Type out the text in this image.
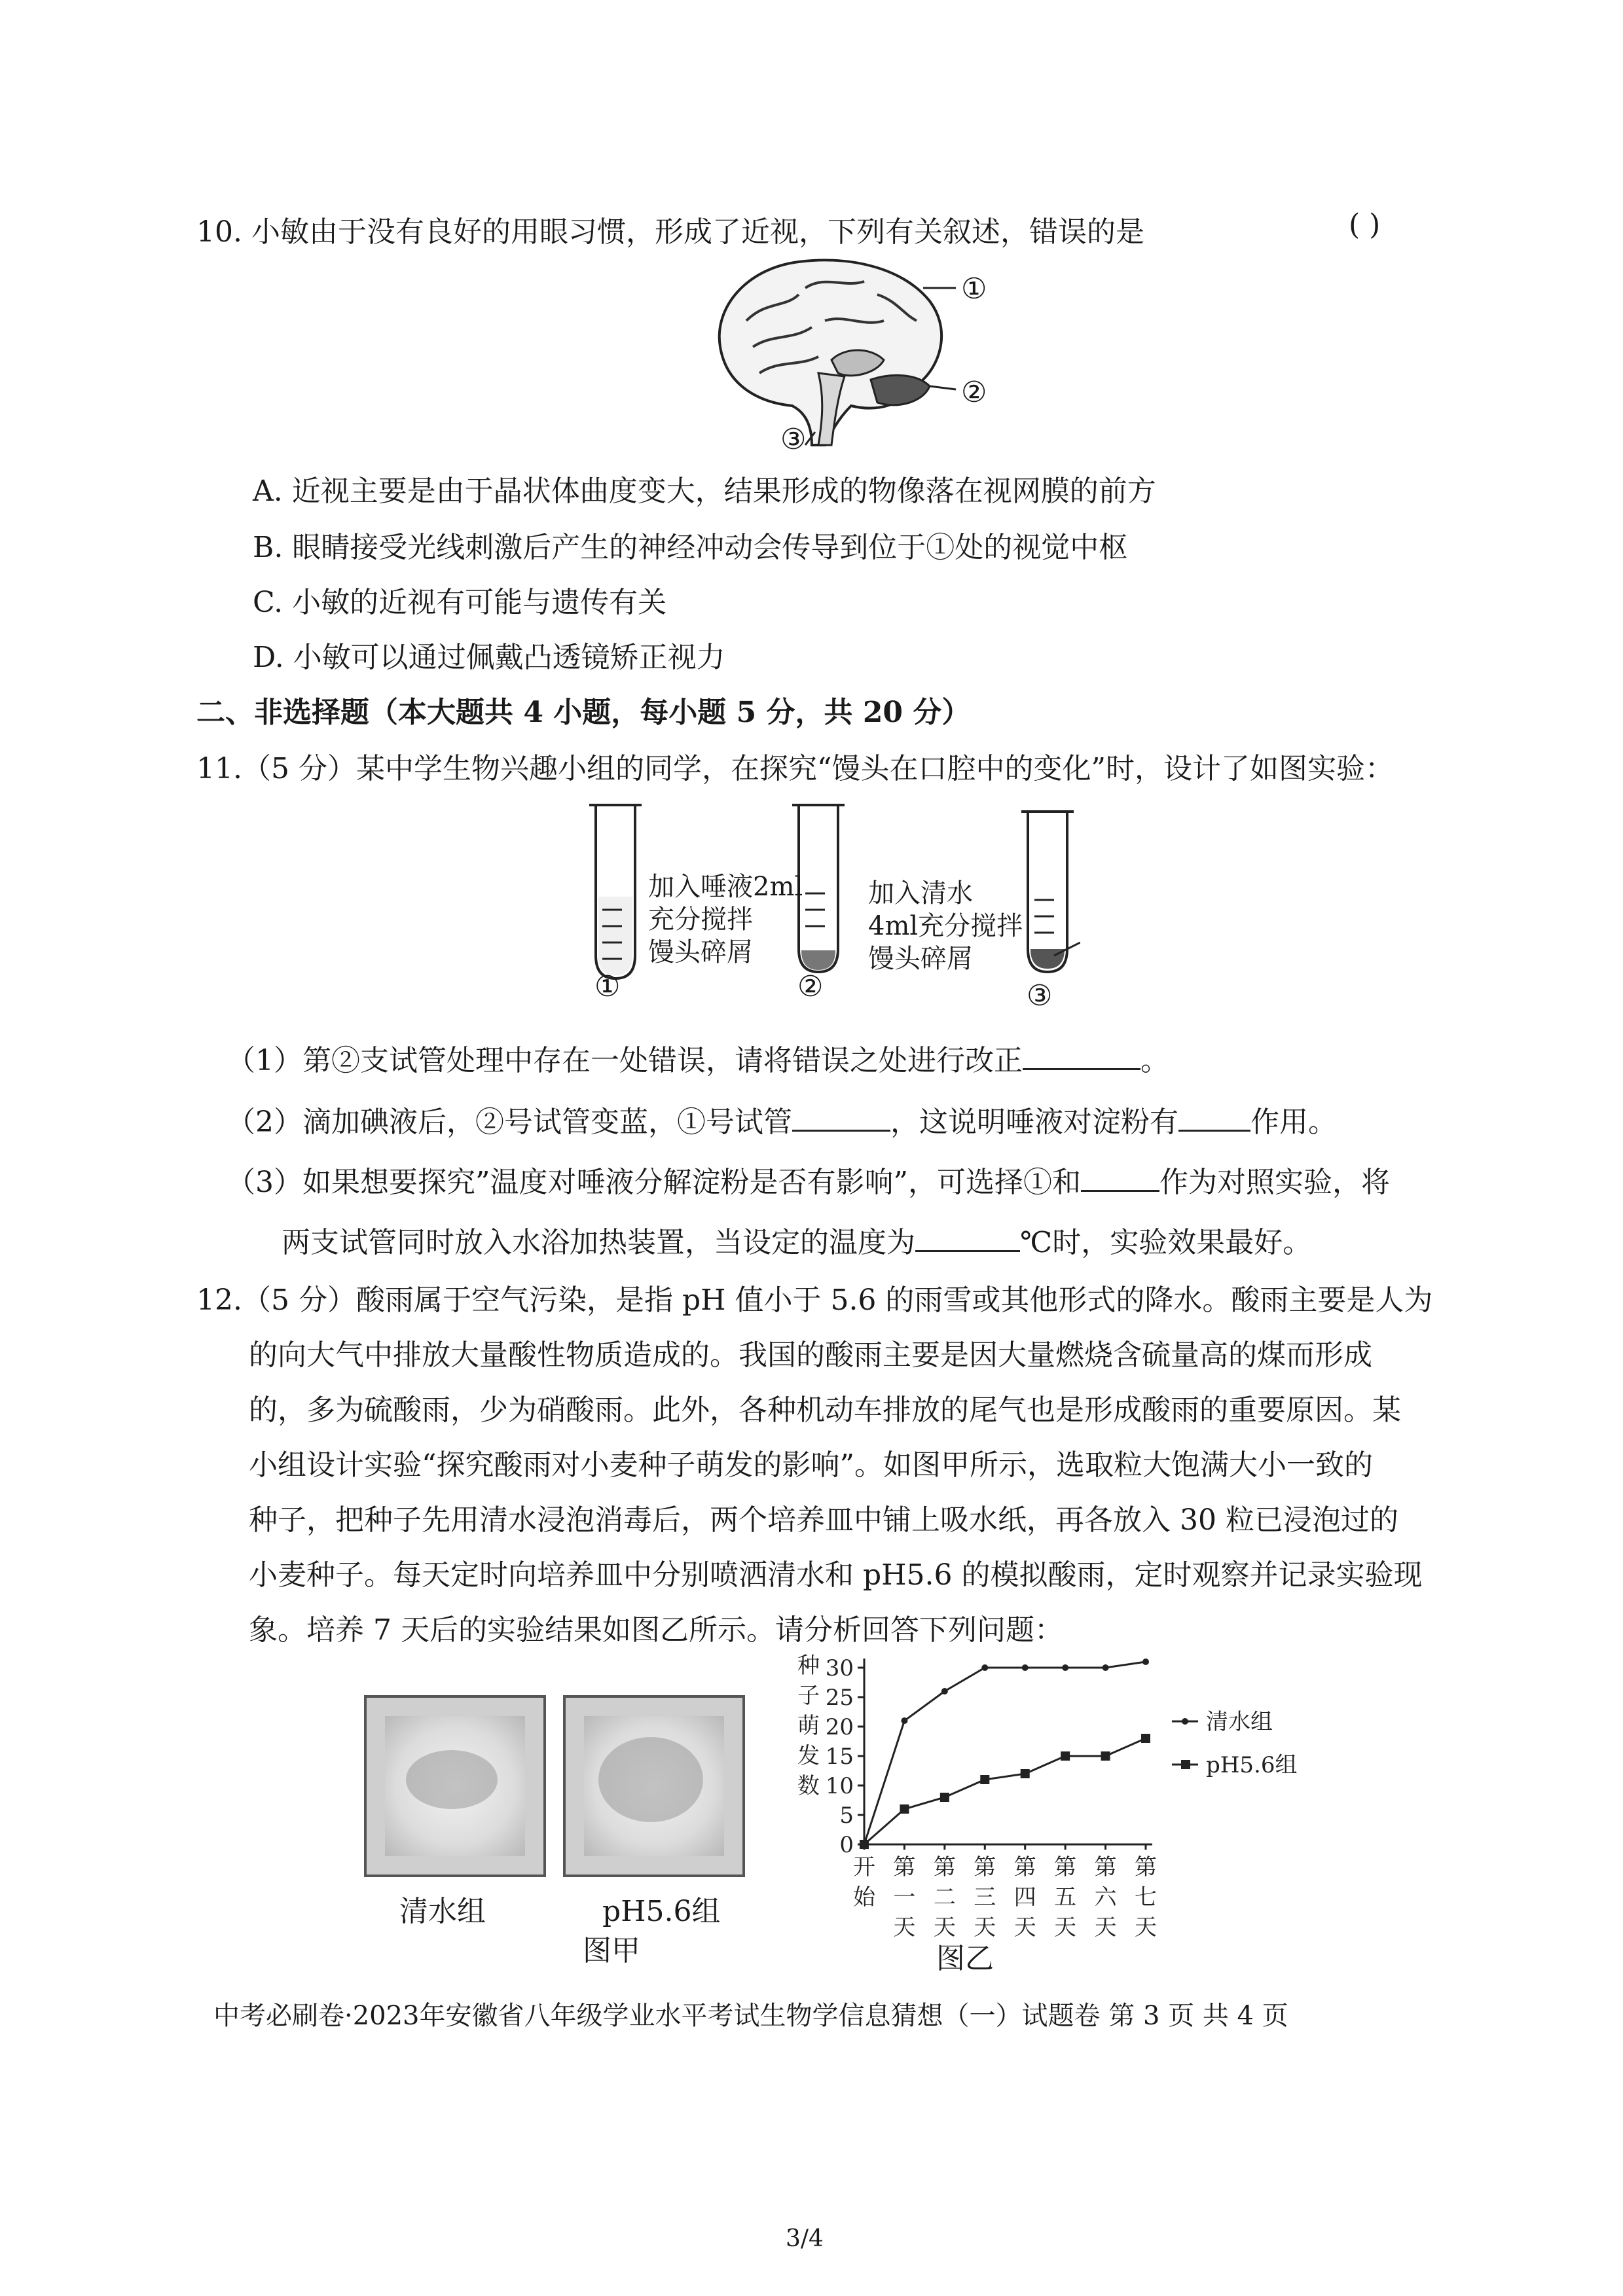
10. 小敏由于没有良好的用眼习惯，形成了近视，下列有关叙述，错误的是	( )
①
②
③
A. 近视主要是由于晶状体曲度变大，结果形成的物像落在视网膜的前方
B. 眼睛接受光线刺激后产生的神经冲动会传导到位于①处的视觉中枢
C. 小敏的近视有可能与遗传有关
D. 小敏可以通过佩戴凸透镜矫正视力
二、非选择题（本大题共 4 小题，每小题 5 分，共 20 分）
11.（5 分）某中学生物兴趣小组的同学，在探究“馒头在口腔中的变化”时，设计了如图实验：
加入唾液2ml
充分搅拌
馒头碎屑
加入清水
4ml充分搅拌
馒头碎屑
①	②	③
（1）第②支试管处理中存在一处错误，请将错误之处进行改正	。
（2）滴加碘液后，②号试管变蓝，①号试管	，这说明唾液对淀粉有	作用。
（3）如果想要探究”温度对唾液分解淀粉是否有影响”，可选择①和	作为对照实验，将
两支试管同时放入水浴加热装置，当设定的温度为	℃时，实验效果最好。
12.（5 分）酸雨属于空气污染，是指 pH 值小于 5.6 的雨雪或其他形式的降水。酸雨主要是人为
的向大气中排放大量酸性物质造成的。我国的酸雨主要是因大量燃烧含硫量高的煤而形成
的，多为硫酸雨，少为硝酸雨。此外，各种机动车排放的尾气也是形成酸雨的重要原因。某
小组设计实验“探究酸雨对小麦种子萌发的影响”。如图甲所示，选取粒大饱满大小一致的
种子，把种子先用清水浸泡消毒后，两个培养皿中铺上吸水纸，再各放入 30 粒已浸泡过的
小麦种子。每天定时向培养皿中分别喷洒清水和 pH5.6 的模拟酸雨，定时观察并记录实验现
象。培养 7 天后的实验结果如图乙所示。请分析回答下列问题：
清水组	pH5.6组
图甲
0
5
10
15
20
25
30
种
子
萌
发
数
开
始
第
一
天
第
二
天
第
三
天
第
四
天
第
五
天
第
六
天
第
七
天
清水组
pH5.6组
图乙
中考必刷卷·2023年安徽省八年级学业水平考试生物学信息猜想（一）试题卷 第 3 页 共 4 页
3/4
